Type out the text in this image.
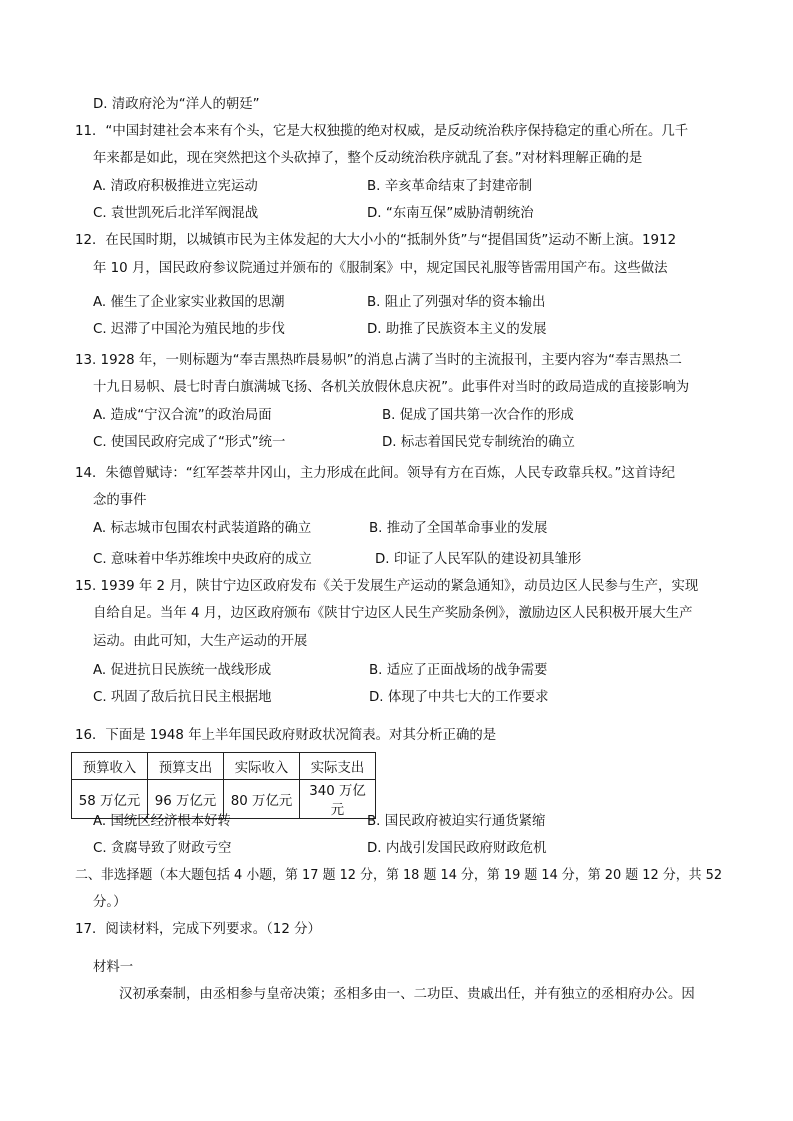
D. 清政府沦为“洋人的朝廷”
11．“中国封建社会本来有个头，它是大权独揽的绝对权威，是反动统治秩序保持稳定的重心所在。几千
年来都是如此，现在突然把这个头砍掉了，整个反动统治秩序就乱了套。”对材料理解正确的是
A. 清政府积极推进立宪运动	B. 辛亥革命结束了封建帝制
C. 袁世凯死后北洋军阀混战	D. “东南互保”威胁清朝统治
12．在民国时期，以城镇市民为主体发起的大大小小的“抵制外货”与“提倡国货”运动不断上演。1912
年 10 月，国民政府参议院通过并颁布的《服制案》中，规定国民礼服等皆需用国产布。这些做法
A. 催生了企业家实业救国的思潮	B. 阻止了列强对华的资本输出
C. 迟滞了中国沦为殖民地的步伐	D. 助推了民族资本主义的发展
13. 1928 年，一则标题为“奉吉黑热昨晨易帜”的消息占满了当时的主流报刊，主要内容为“奉吉黑热二
十九日易帜、晨七时青白旗满城飞扬、各机关放假休息庆祝”。此事件对当时的政局造成的直接影响为
A. 造成“宁汉合流”的政治局面	B. 促成了国共第一次合作的形成
C. 使国民政府完成了“形式”统一	D. 标志着国民党专制统治的确立
14．朱德曾赋诗：“红军荟萃井冈山，主力形成在此间。领导有方在百炼，人民专政靠兵权。”这首诗纪
念的事件
A. 标志城市包围农村武装道路的确立	B. 推动了全国革命事业的发展
C. 意味着中华苏维埃中央政府的成立	D. 印证了人民军队的建设初具雏形
15. 1939 年 2 月，陕甘宁边区政府发布《关于发展生产运动的紧急通知》，动员边区人民参与生产，实现
自给自足。当年 4 月，边区政府颁布《陕甘宁边区人民生产奖励条例》，激励边区人民积极开展大生产
运动。由此可知，大生产运动的开展
A. 促进抗日民族统一战线形成	B. 适应了正面战场的战争需要
C. 巩固了敌后抗日民主根据地	D. 体现了中共七大的工作要求
16．下面是 1948 年上半年国民政府财政状况简表。对其分析正确的是
预算收入	预算支出	实际收入	实际支出
58 万亿元	96 万亿元	80 万亿元	340 万亿元
A. 国统区经济根本好转	B. 国民政府被迫实行通货紧缩
C. 贪腐导致了财政亏空	D. 内战引发国民政府财政危机
二、非选择题（本大题包括 4 小题，第 17 题 12 分，第 18 题 14 分，第 19 题 14 分，第 20 题 12 分，共 52
分。）
17．阅读材料，完成下列要求。（12 分）
材料一
汉初承秦制，由丞相参与皇帝决策；丞相多由一、二功臣、贵戚出任，并有独立的丞相府办公。因
